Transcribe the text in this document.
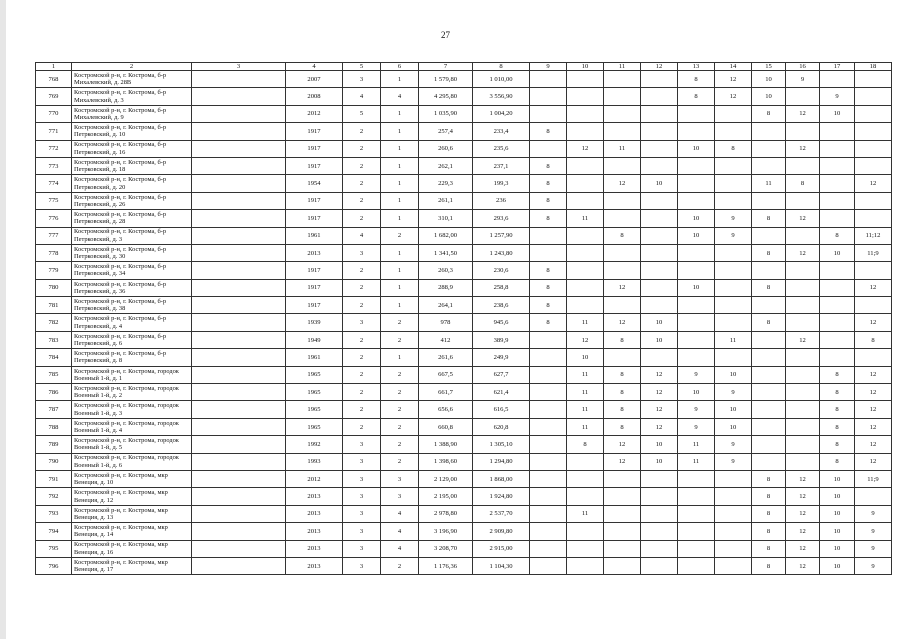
27
1	2	3	4	5	6	7	8	9	10	11	12	13	14	15	16	17	18
768	Костромской р-н, г. Кострома, б-р Михалевский, д. 28В		2007	3	1	1 579,80	1 010,00					8	12	10	9		
769	Костромской р-н, г. Кострома, б-р Михалевский, д. 3		2008	4	4	4 295,80	3 556,90					8	12	10		9	
770	Костромской р-н, г. Кострома, б-р Михалевский, д. 9		2012	5	1	1 035,90	1 004,20							8	12	10	
771	Костромской р-н, г. Кострома, б-р Петрковский, д. 10		1917	2	1	257,4	233,4	8									
772	Костромской р-н, г. Кострома, б-р Петрковский, д. 16		1917	2	1	260,6	235,6		12	11		10	8		12		
773	Костромской р-н, г. Кострома, б-р Петрковский, д. 18		1917	2	1	262,1	237,1	8									
774	Костромской р-н, г. Кострома, б-р Петрковский, д. 20		1954	2	1	229,3	199,3	8		12	10			11	8		12
775	Костромской р-н, г. Кострома, б-р Петрковский, д. 26		1917	2	1	261,1	236	8									
776	Костромской р-н, г. Кострома, б-р Петрковский, д. 28		1917	2	1	310,1	293,6	8	11			10	9	8	12		
777	Костромской р-н, г. Кострома, б-р Петрковский, д. 3		1961	4	2	1 682,00	1 257,90			8		10	9			8	11;12
778	Костромской р-н, г. Кострома, б-р Петрковский, д. 30		2013	3	1	1 341,50	1 243,80							8	12	10	11;9
779	Костромской р-н, г. Кострома, б-р Петрковский, д. 34		1917	2	1	260,3	230,6	8									
780	Костромской р-н, г. Кострома, б-р Петрковский, д. 36		1917	2	1	288,9	258,8	8		12		10		8			12
781	Костромской р-н, г. Кострома, б-р Петрковский, д. 38		1917	2	1	264,1	238,6	8									
782	Костромской р-н, г. Кострома, б-р Петрковский, д. 4		1939	3	2	978	945,6	8	11	12	10			8			12
783	Костромской р-н, г. Кострома, б-р Петрковский, д. 6		1949	2	2	412	389,9		12	8	10		11		12		8
784	Костромской р-н, г. Кострома, б-р Петрковский, д. 8		1961	2	1	261,6	249,9		10								
785	Костромской р-н, г. Кострома, городок Военный 1-й, д. 1		1965	2	2	667,5	627,7		11	8	12	9	10			8	12
786	Костромской р-н, г. Кострома, городок Военный 1-й, д. 2		1965	2	2	661,7	621,4		11	8	12	10	9			8	12
787	Костромской р-н, г. Кострома, городок Военный 1-й, д. 3		1965	2	2	656,6	616,5		11	8	12	9	10			8	12
788	Костромской р-н, г. Кострома, городок Военный 1-й, д. 4		1965	2	2	660,8	620,8		11	8	12	9	10			8	12
789	Костромской р-н, г. Кострома, городок Военный 1-й, д. 5		1992	3	2	1 388,90	1 305,10		8	12	10	11	9			8	12
790	Костромской р-н, г. Кострома, городок Военный 1-й, д. 6		1993	3	2	1 398,60	1 294,80			12	10	11	9			8	12
791	Костромской р-н, г. Кострома, мкр Венеция, д. 10		2012	3	3	2 129,00	1 868,00							8	12	10	11;9
792	Костромской р-н, г. Кострома, мкр Венеция, д. 12		2013	3	3	2 195,00	1 924,80							8	12	10	
793	Костромской р-н, г. Кострома, мкр Венеция, д. 13		2013	3	4	2 978,80	2 537,70		11					8	12	10	9
794	Костромской р-н, г. Кострома, мкр Венеция, д. 14		2013	3	4	3 196,90	2 909,80							8	12	10	9
795	Костромской р-н, г. Кострома, мкр Венеция, д. 16		2013	3	4	3 208,70	2 915,00							8	12	10	9
796	Костромской р-н, г. Кострома, мкр Венеция, д. 17		2013	3	2	1 176,36	1 104,30							8	12	10	9
